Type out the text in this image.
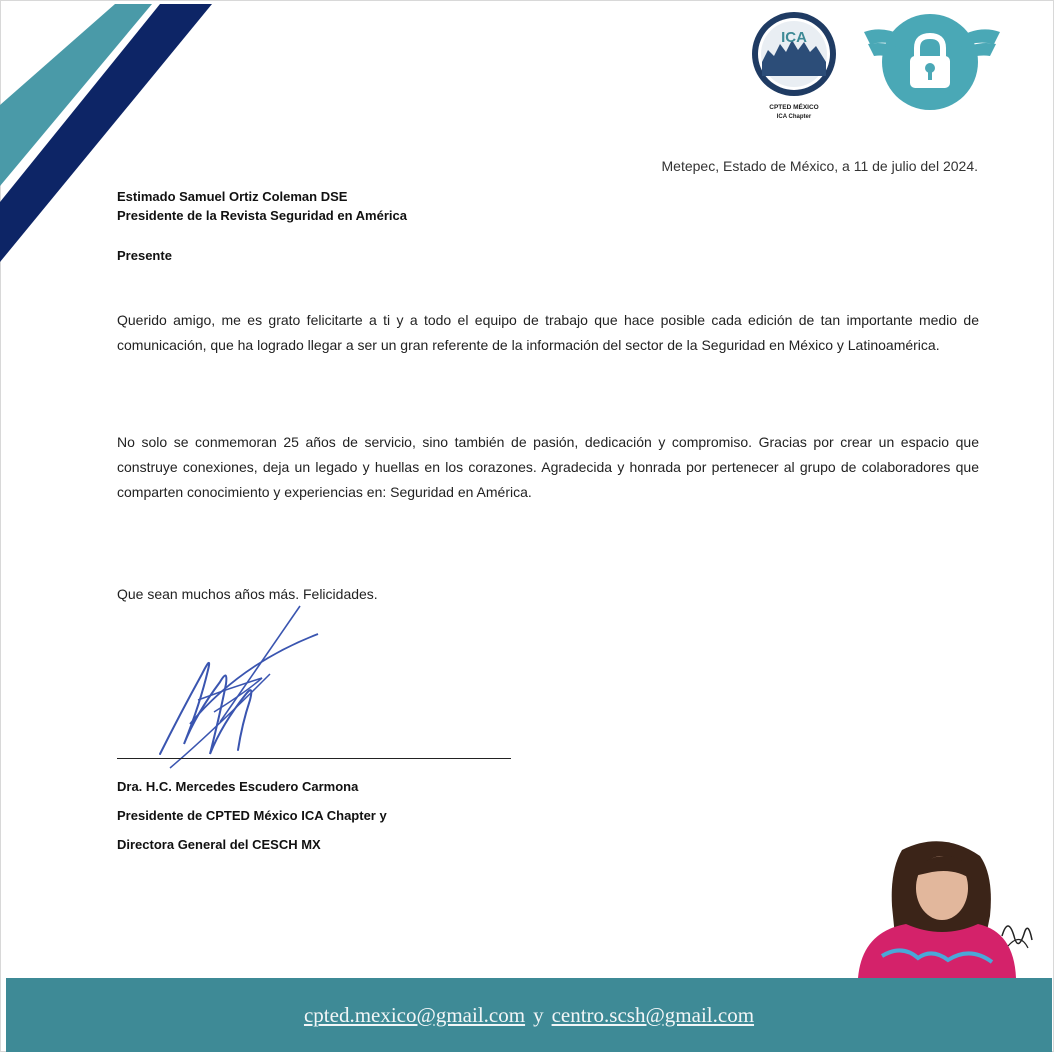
ICA
CPTED MÉXICO
ICA Chapter
Metepec, Estado de México, a 11 de julio del 2024.
Estimado Samuel Ortiz Coleman DSE
Presidente de la Revista Seguridad en América
Presente

Querido amigo, me es grato felicitarte a ti y a todo el equipo de trabajo que hace posible cada edición de tan importante medio de comunicación, que ha logrado llegar a ser un gran referente de la información del sector de la Seguridad en México y Latinoamérica.

No solo se conmemoran 25 años de servicio, sino también de pasión, dedicación y compromiso. Gracias por crear un espacio que construye conexiones, deja un legado y huellas en los corazones. Agradecida y honrada por pertenecer al grupo de colaboradores que comparten conocimiento y experiencias en: Seguridad en América.

Que sean muchos años más. Felicidades.
Dra. H.C. Mercedes Escudero Carmona
Presidente de CPTED México ICA Chapter y
Directora General del CESCH MX
cpted.mexico@gmail.com y centro.scsh@gmail.com
